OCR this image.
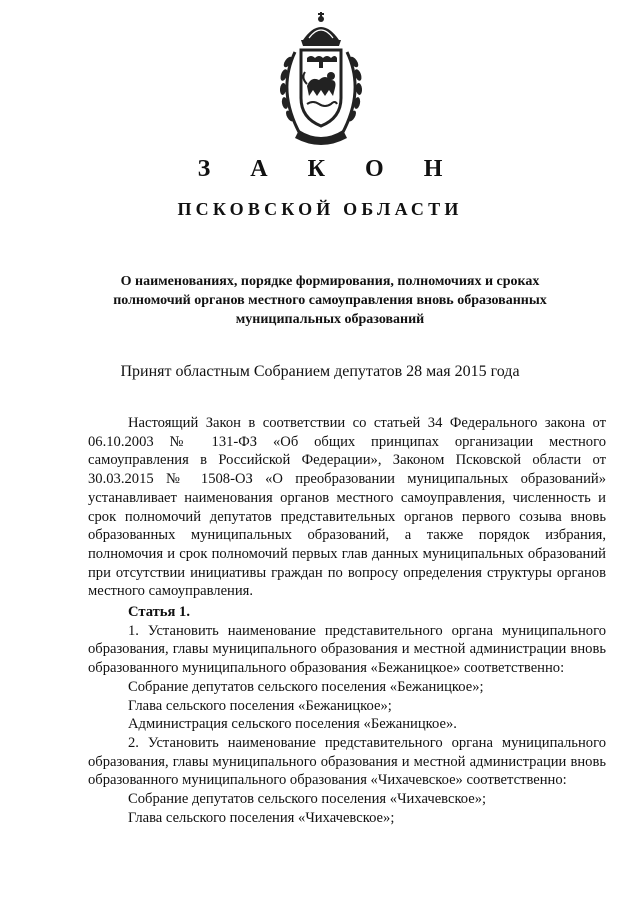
З А К О Н
ПСКОВСКОЙ ОБЛАСТИ
О наименованиях, порядке формирования, полномочиях и сроках
полномочий органов местного самоуправления вновь образованных
муниципальных образований
Принят областным Собранием депутатов 28 мая 2015 года

Настоящий Закон в соответствии со статьей 34 Федерального закона от 06.10.2003 № 131-ФЗ «Об общих принципах организации местного самоуправления в Российской Федерации», Законом Псковской области от 30.03.2015 № 1508-ОЗ «О преобразовании муниципальных образований» устанавливает наименования органов местного самоуправления, численность и срок полномочий депутатов представительных органов первого созыва вновь образованных муниципальных образований, а также порядок избрания, полномочия и срок полномочий первых глав данных муниципальных образований при отсутствии инициативы граждан по вопросу определения структуры органов местного самоуправления.

Статья 1.

1. Установить наименование представительного органа муниципального образования, главы муниципального образования и местной администрации вновь образованного муниципального образования «Бежаницкое» соответственно:

Собрание депутатов сельского поселения «Бежаницкое»;

Глава сельского поселения «Бежаницкое»;

Администрация сельского поселения «Бежаницкое».

2. Установить наименование представительного органа муниципального образования, главы муниципального образования и местной администрации вновь образованного муниципального образования «Чихачевское» соответственно:

Собрание депутатов сельского поселения «Чихачевское»;

Глава сельского поселения «Чихачевское»;
